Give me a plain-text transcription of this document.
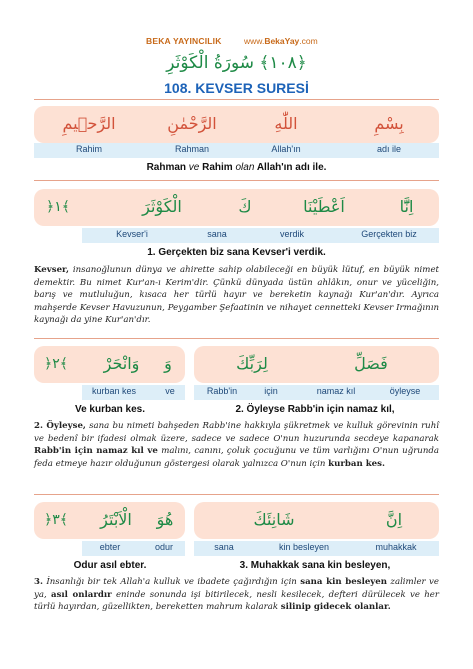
BEKA YAYINCILIK	www.BekaYay.com
﴿١٠٨﴾ سُورَةُ الْكَوْثَرِ
108. KEVSER SURESİ
الرَّح۪يمِ	الرَّحْمٰنِ	اللّٰهِ	بِسْمِ
Rahim	Rahman	Allah'ın	adı ile
Rahman ve Rahim olan Allah'ın adı ile.
﴿١﴾	الْكَوْثَرَ	كَ	اَعْطَيْنَا	اِنَّٓا
Kevser'i	sana	verdik	Gerçekten biz
1. Gerçekten biz sana Kevser'i verdik.
Kevser, insanoğlunun dünya ve ahirette sahip olabileceği en büyük lütuf, en büyük nimet demektir. Bu nimet Kur'an-ı Kerim'dir. Çünkü dünyada üstün ahlâkın, onur ve yüceliğin, barış ve mutluluğun, kısaca her türlü hayır ve bereketin kaynağı Kur'an'dır. Ayrıca mahşerde Kevser Havuzunun, Peygamber Şefaatinin ve nihayet cennetteki Kevser Irmağının kaynağı da yine Kur'an'dır.
﴿٢﴾	وَانْحَرْ	وَ	لِرَبِّكَ	فَصَلِّ
kurban kes	ve	Rabb'in	için	namaz kıl	öyleyse
Ve kurban kes.	2. Öyleyse Rabb'in için namaz kıl,
2. Öyleyse, sana bu nimeti bahşeden Rabb'ine hakkıyla şükretmek ve kulluk görevinin ruhî ve bedenî bir ifadesi olmak üzere, sadece ve sadece O'nun huzurunda secdeye kapanarak Rabb'in için namaz kıl ve malını, canını, çoluk çocuğunu ve tüm varlığını O'nun uğrunda feda etmeye hazır olduğunun göstergesi olarak yalnızca O'nun için kurban kes.
﴿٣﴾	الْاَبْتَرُ	هُوَ	شَانِئَكَ	اِنَّ
ebter	odur	sana	kin besleyen	muhakkak
Odur asıl ebter.	3. Muhakkak sana kin besleyen,
3. İnsanlığı bir tek Allah'a kulluk ve ibadete çağırdığın için sana kin besleyen zalimler ve ya, asıl onlardır eninde sonunda işi bitirilecek, nesli kesilecek, defteri dürülecek ve her türlü hayırdan, güzellikten, bereketten mahrum kalarak silinip gidecek olanlar.
